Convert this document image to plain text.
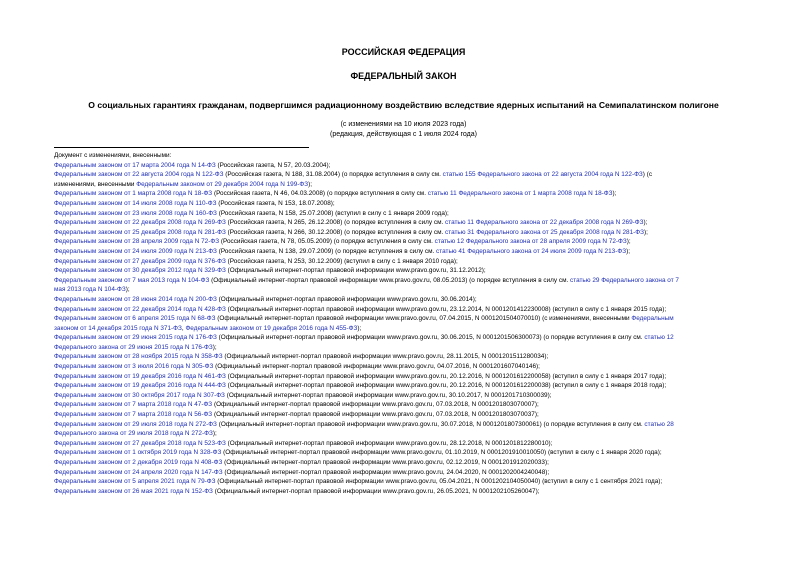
РОССИЙСКАЯ ФЕДЕРАЦИЯ
ФЕДЕРАЛЬНЫЙ ЗАКОН
О социальных гарантиях гражданам, подвергшимся радиационному воздействию вследствие ядерных испытаний на Семипалатинском полигоне
(с изменениями на 10 июля 2023 года)
(редакция, действующая с 1 июля 2024 года)
Документ с изменениями, внесенными:
Федеральным законом от 17 марта 2004 года N 14-ФЗ (Российская газета, N 57, 20.03.2004);
Федеральным законом от 22 августа 2004 года N 122-ФЗ (Российская газета, N 188, 31.08.2004) (о порядке вступления в силу см. статью 155 Федерального закона от 22 августа 2004 года N 122-ФЗ) (с
изменениями, внесенными Федеральным законом от 29 декабря 2004 года N 199-ФЗ);
Федеральным законом от 1 марта 2008 года N 18-ФЗ (Российская газета, N 46, 04.03.2008) (о порядке вступления в силу см. статью 11 Федерального закона от 1 марта 2008 года N 18-ФЗ);
Федеральным законом от 14 июля 2008 года N 110-ФЗ (Российская газета, N 153, 18.07.2008);
Федеральным законом от 23 июля 2008 года N 160-ФЗ (Российская газета, N 158, 25.07.2008) (вступил в силу с 1 января 2009 года);
Федеральным законом от 22 декабря 2008 года N 269-ФЗ (Российская газета, N 265, 26.12.2008) (о порядке вступления в силу см. статью 11 Федерального закона от 22 декабря 2008 года N 269-ФЗ);
Федеральным законом от 25 декабря 2008 года N 281-ФЗ (Российская газета, N 266, 30.12.2008) (о порядке вступления в силу см. статью 31 Федерального закона от 25 декабря 2008 года N 281-ФЗ);
Федеральным законом от 28 апреля 2009 года N 72-ФЗ (Российская газета, N 78, 05.05.2009) (о порядке вступления в силу см. статью 12 Федерального закона от 28 апреля 2009 года N 72-ФЗ);
Федеральным законом от 24 июля 2009 года N 213-ФЗ (Российская газета, N 138, 29.07.2009) (о порядке вступления в силу см. статью 41 Федерального закона от 24 июля 2009 года N 213-ФЗ);
Федеральным законом от 27 декабря 2009 года N 376-ФЗ (Российская газета, N 253, 30.12.2009) (вступил в силу с 1 января 2010 года);
Федеральным законом от 30 декабря 2012 года N 329-ФЗ (Официальный интернет-портал правовой информации www.pravo.gov.ru, 31.12.2012);
Федеральным законом от 7 мая 2013 года N 104-ФЗ (Официальный интернет-портал правовой информации www.pravo.gov.ru, 08.05.2013) (о порядке вступления в силу см. статью 29 Федерального закона от 7
мая 2013 года N 104-ФЗ);
Федеральным законом от 28 июня 2014 года N 200-ФЗ (Официальный интернет-портал правовой информации www.pravo.gov.ru, 30.06.2014);
Федеральным законом от 22 декабря 2014 года N 428-ФЗ (Официальный интернет-портал правовой информации www.pravo.gov.ru, 23.12.2014, N 0001201412230008) (вступил в силу с 1 января 2015 года);
Федеральным законом от 6 апреля 2015 года N 68-ФЗ (Официальный интернет-портал правовой информации www.pravo.gov.ru, 07.04.2015, N 0001201504070010) (с изменениями, внесенными Федеральным
законом от 14 декабря 2015 года N 371-ФЗ, Федеральным законом от 19 декабря 2016 года N 455-ФЗ);
Федеральным законом от 29 июня 2015 года N 176-ФЗ (Официальный интернет-портал правовой информации www.pravo.gov.ru, 30.06.2015, N 0001201506300073) (о порядке вступления в силу см. статью 12
Федерального закона от 29 июня 2015 года N 176-ФЗ);
Федеральным законом от 28 ноября 2015 года N 358-ФЗ (Официальный интернет-портал правовой информации www.pravo.gov.ru, 28.11.2015, N 0001201511280034);
Федеральным законом от 3 июля 2016 года N 305-ФЗ (Официальный интернет-портал правовой информации www.pravo.gov.ru, 04.07.2016, N 0001201607040146);
Федеральным законом от 19 декабря 2016 года N 461-ФЗ (Официальный интернет-портал правовой информации www.pravo.gov.ru, 20.12.2016, N 0001201612200058) (вступил в силу с 1 января 2017 года);
Федеральным законом от 19 декабря 2016 года N 444-ФЗ (Официальный интернет-портал правовой информации www.pravo.gov.ru, 20.12.2016, N 0001201612200038) (вступил в силу с 1 января 2018 года);
Федеральным законом от 30 октября 2017 года N 307-ФЗ (Официальный интернет-портал правовой информации www.pravo.gov.ru, 30.10.2017, N 0001201710300039);
Федеральным законом от 7 марта 2018 года N 47-ФЗ (Официальный интернет-портал правовой информации www.pravo.gov.ru, 07.03.2018, N 0001201803070007);
Федеральным законом от 7 марта 2018 года N 56-ФЗ (Официальный интернет-портал правовой информации www.pravo.gov.ru, 07.03.2018, N 0001201803070037);
Федеральным законом от 29 июля 2018 года N 272-ФЗ (Официальный интернет-портал правовой информации www.pravo.gov.ru, 30.07.2018, N 0001201807300061) (о порядке вступления в силу см. статью 28
Федерального закона от 29 июля 2018 года N 272-ФЗ);
Федеральным законом от 27 декабря 2018 года N 523-ФЗ (Официальный интернет-портал правовой информации www.pravo.gov.ru, 28.12.2018, N 0001201812280010);
Федеральным законом от 1 октября 2019 года N 328-ФЗ (Официальный интернет-портал правовой информации www.pravo.gov.ru, 01.10.2019, N 0001201910010050) (вступил в силу с 1 января 2020 года);
Федеральным законом от 2 декабря 2019 года N 408-ФЗ (Официальный интернет-портал правовой информации www.pravo.gov.ru, 02.12.2019, N 0001201912020033);
Федеральным законом от 24 апреля 2020 года N 147-ФЗ (Официальный интернет-портал правовой информации www.pravo.gov.ru, 24.04.2020, N 0001202004240048);
Федеральным законом от 5 апреля 2021 года N 79-ФЗ (Официальный интернет-портал правовой информации www.pravo.gov.ru, 05.04.2021, N 0001202104050040) (вступил в силу с 1 сентября 2021 года);
Федеральным законом от 26 мая 2021 года N 152-ФЗ (Официальный интернет-портал правовой информации www.pravo.gov.ru, 26.05.2021, N 0001202105260047);
